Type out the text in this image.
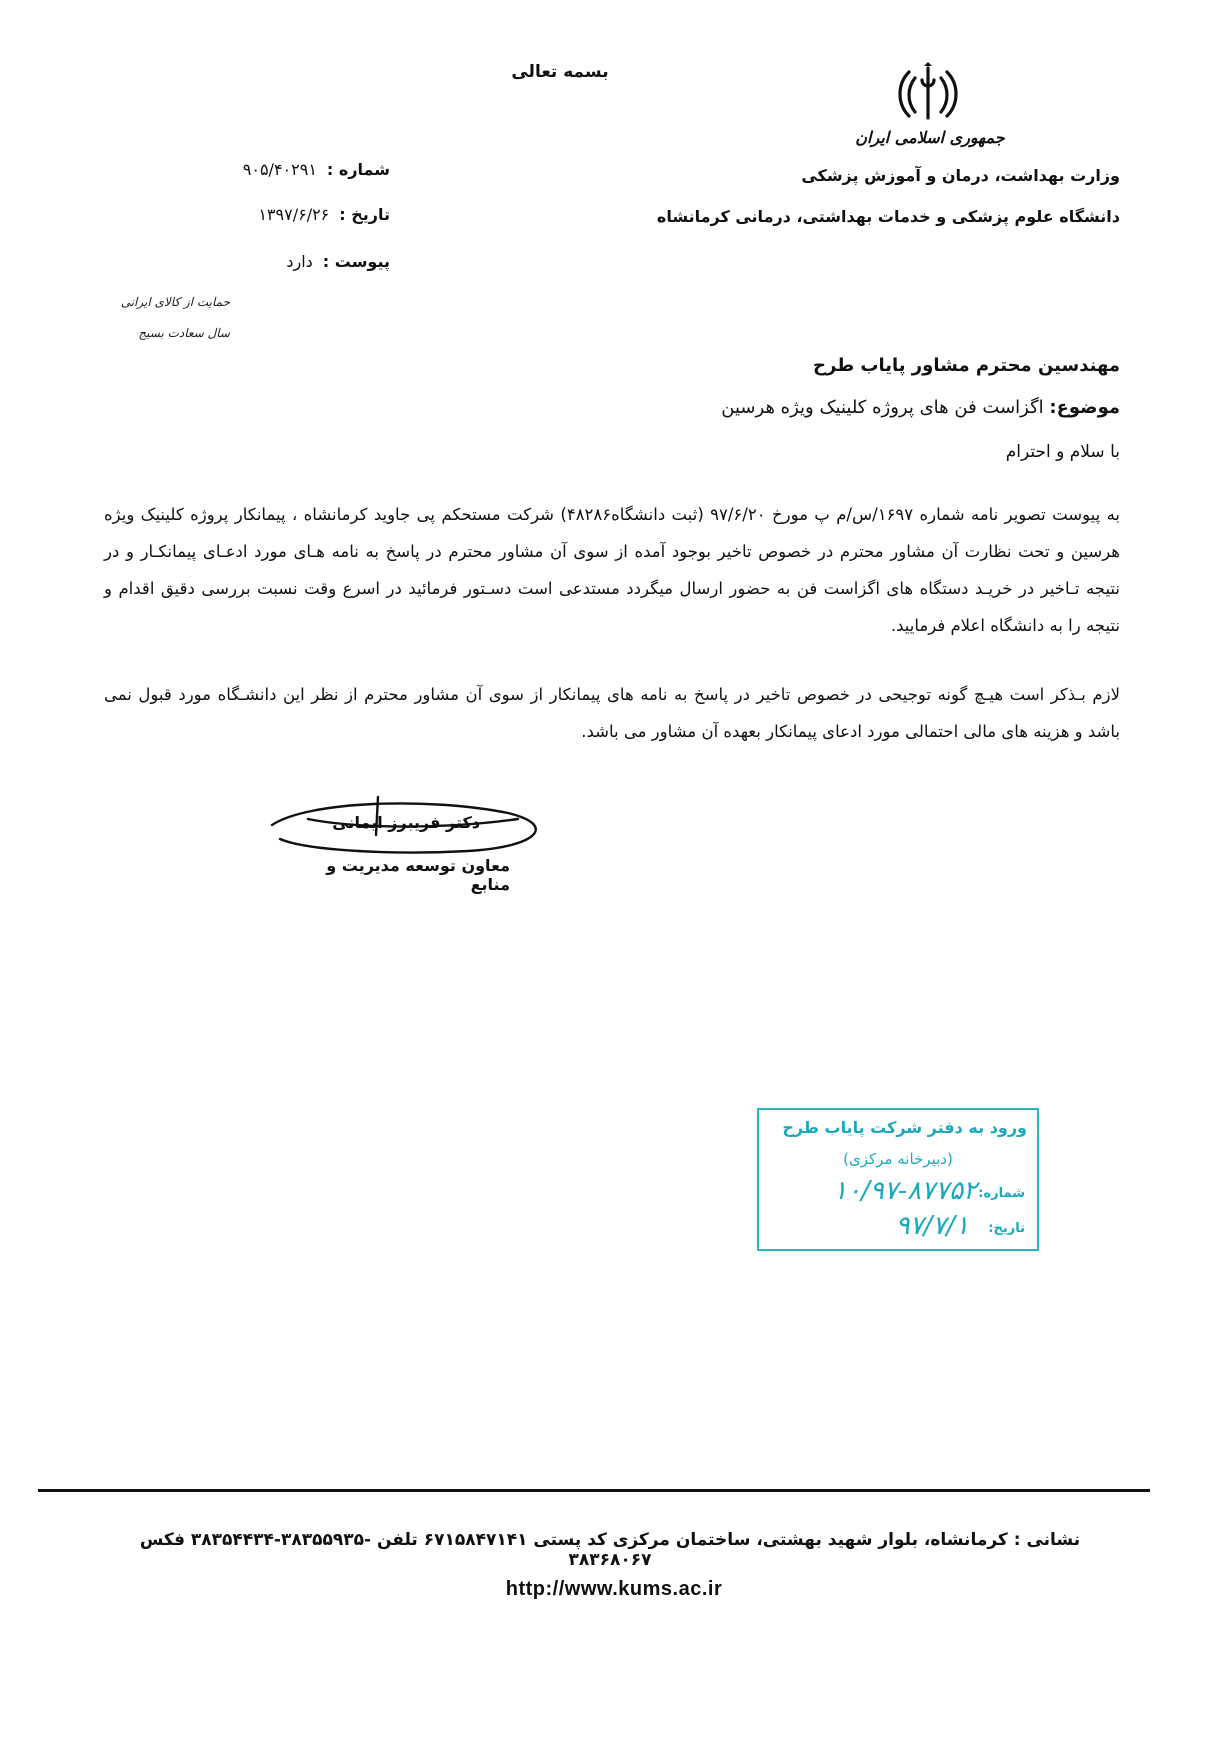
بسمه تعالی
جمهوری اسلامی ایران
وزارت بهداشت، درمان و آموزش پزشکی
دانشگاه علوم پزشکی و خدمات بهداشتی، درمانی کرمانشاه
شماره :
۹۰۵/۴۰۲۹۱
تاریخ :
۱۳۹۷/۶/۲۶
پیوست :
دارد
حمایت از کالای ایرانی
سال سعادت بسیج
مهندسین محترم مشاور پایاب طرح
موضوع: اگزاست فن های پروژه کلینیک ویژه هرسین
با سلام و احترام
به پیوست تصویر نامه شماره ۱۶۹۷/س/م پ مورخ ۹۷/۶/۲۰ (ثبت دانشگاه۴۸۲۸۶) شرکت مستحکم پی جاوید کرمانشاه ، پیمانکار پروژه کلینیک ویژه هرسین و تحت نظارت آن مشاور محترم در خصوص تاخیر بوجود آمده از سوی آن مشاور محترم در پاسخ به نامه هـای مورد ادعـای پیمانکـار و در نتیجه تـاخیر در خریـد دستگاه های اگزاست فن به حضور ارسال میگردد مستدعی است دسـتور فرمائید در اسرع وقت نسبت بررسی دقیق اقدام و نتیجه را به دانشگاه اعلام فرمایید.
لازم بـذکر است هیـچ گونه توجیحی در خصوص تاخیر در پاسخ به نامه های پیمانکار از سوی آن مشاور محترم از نظر این دانشـگاه مورد قبول نمی باشد و هزینه های مالی احتمالی مورد ادعای پیمانکار بعهده آن مشاور می باشد.
دکتر فریبرز ایمانی
معاون توسعه مدیریت و منابع
ورود به دفتر شرکت پایاب طرح
(دبیرخانه مرکزی)
شماره:
۱۰/۹۷-۸۷۷۵۲
تاریخ:
۹۷/۷/۱
نشانی : کرمانشاه، بلوار شهید بهشتی، ساختمان مرکزی کد پستی ۶۷۱۵۸۴۷۱۴۱ تلفن -۳۸۳۵۵۹۳۵-۳۸۳۵۴۴۳۴ فکس ۳۸۳۶۸۰۶۷
http://www.kums.ac.ir
